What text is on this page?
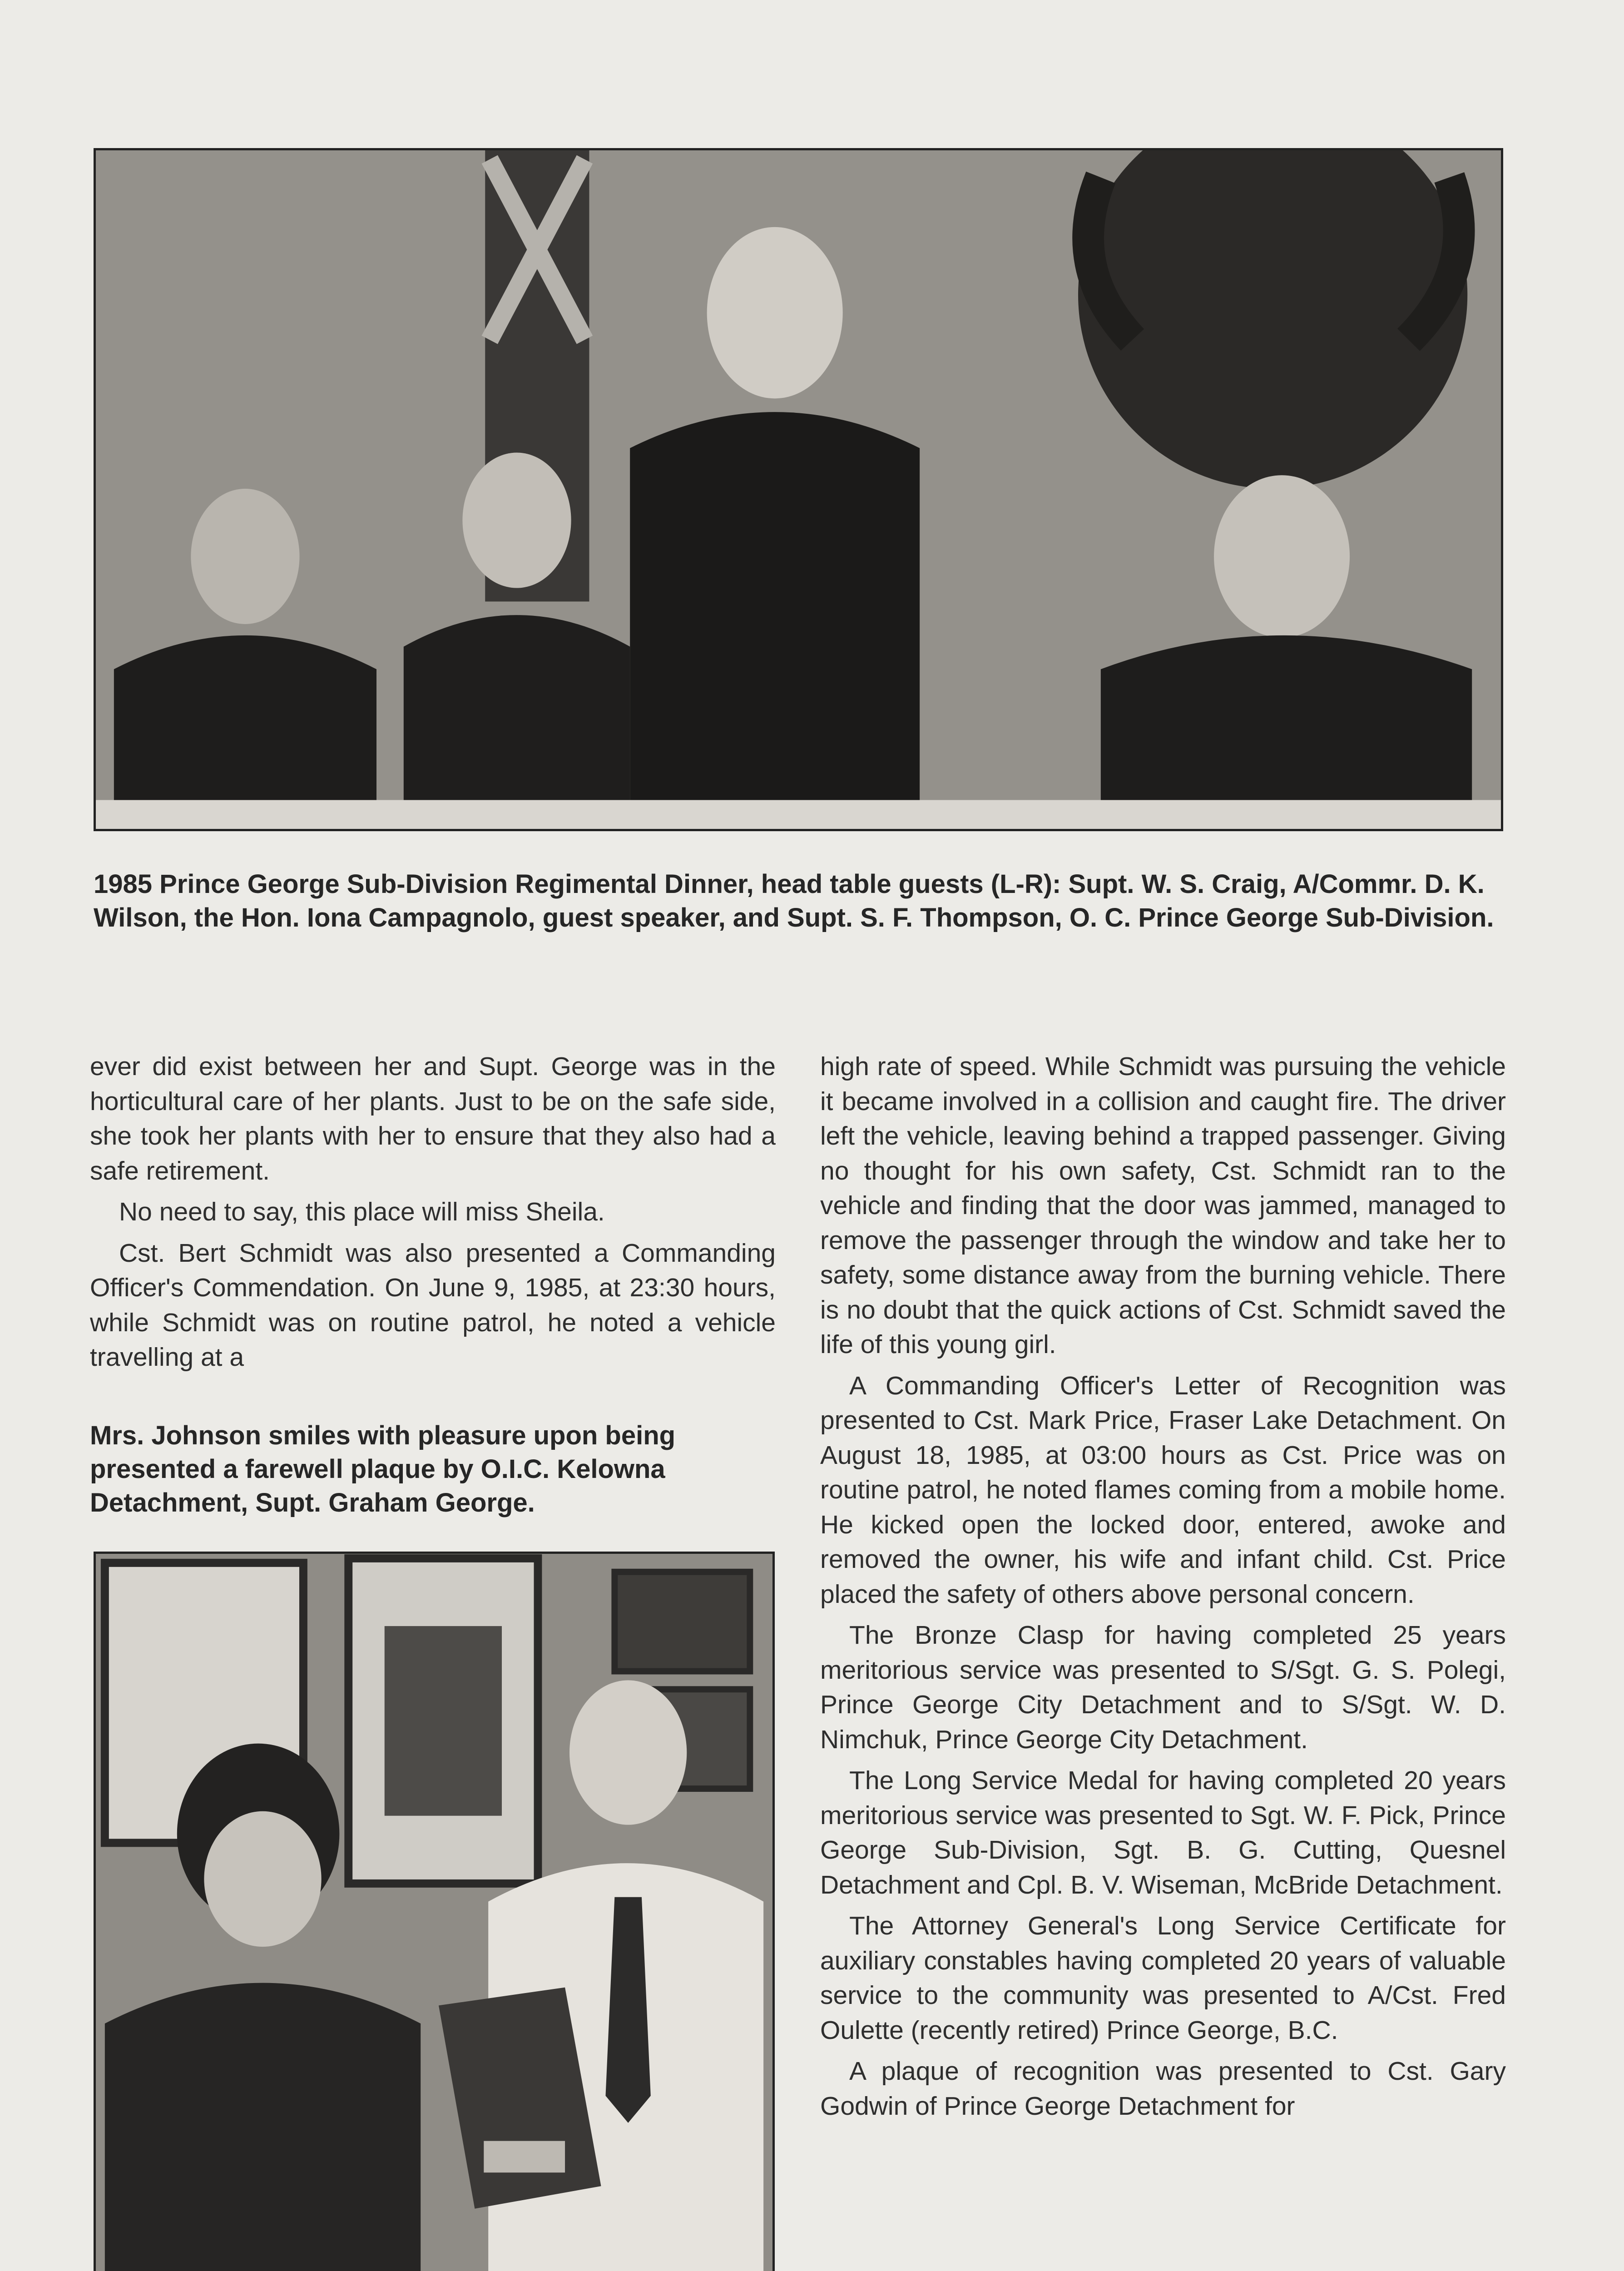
1985 Prince George Sub-Division Regimental Dinner, head table guests (L-R): Supt. W. S. Craig, A/Commr. D. K. Wilson, the Hon. Iona Campagnolo, guest speaker, and Supt. S. F. Thompson, O. C. Prince George Sub-Division.

ever did exist between her and Supt. George was in the horticultural care of her plants. Just to be on the safe side, she took her plants with her to ensure that they also had a safe retirement.

No need to say, this place will miss Sheila.

Cst. Bert Schmidt was also presented a Commanding Officer's Commendation. On June 9, 1985, at 23:30 hours, while Schmidt was on routine patrol, he noted a vehicle travelling at a

Mrs. Johnson smiles with pleasure upon being presented a farewell plaque by O.I.C. Kelowna Detachment, Supt. Graham George.

high rate of speed. While Schmidt was pursuing the vehicle it became involved in a collision and caught fire. The driver left the vehicle, leaving behind a trapped passenger. Giving no thought for his own safety, Cst. Schmidt ran to the vehicle and finding that the door was jammed, managed to remove the passenger through the window and take her to safety, some distance away from the burning vehicle. There is no doubt that the quick actions of Cst. Schmidt saved the life of this young girl.

A Commanding Officer's Letter of Recognition was presented to Cst. Mark Price, Fraser Lake Detachment. On August 18, 1985, at 03:00 hours as Cst. Price was on routine patrol, he noted flames coming from a mobile home. He kicked open the locked door, entered, awoke and removed the owner, his wife and infant child. Cst. Price placed the safety of others above personal concern.

The Bronze Clasp for having completed 25 years meritorious service was presented to S/Sgt. G. S. Polegi, Prince George City Detachment and to S/Sgt. W. D. Nimchuk, Prince George City Detachment.

The Long Service Medal for having completed 20 years meritorious service was presented to Sgt. W. F. Pick, Prince George Sub-Division, Sgt. B. G. Cutting, Quesnel Detachment and Cpl. B. V. Wiseman, McBride Detachment.

The Attorney General's Long Service Certificate for auxiliary constables having completed 20 years of valuable service to the community was presented to A/Cst. Fred Oulette (recently retired) Prince George, B.C.

A plaque of recognition was presented to Cst. Gary Godwin of Prince George Detachment for
